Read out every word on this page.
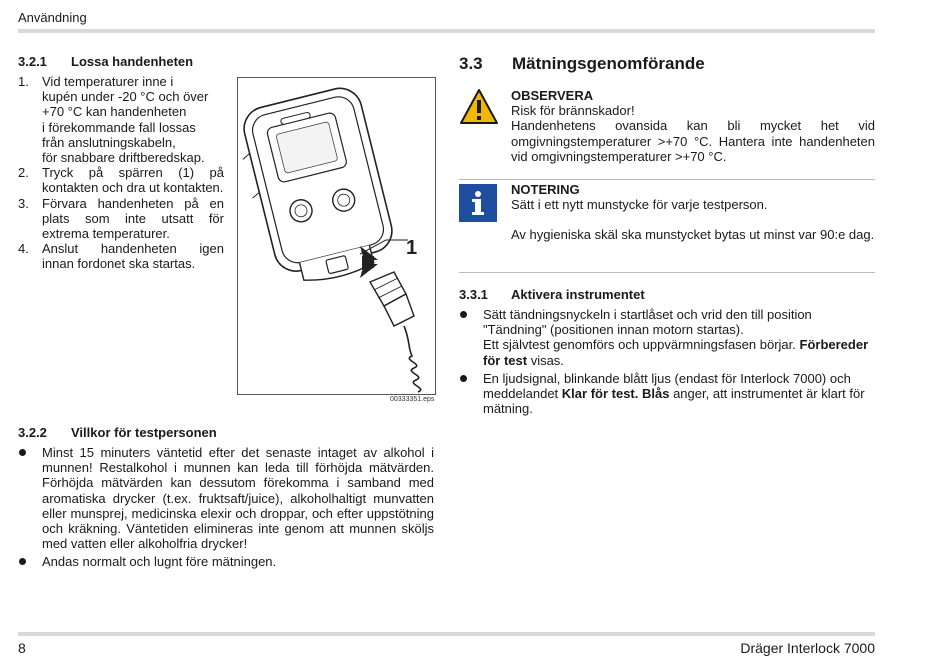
Användning
3.2.1 Lossa handenheten
1. Vid temperaturer inne i

kupén under -20 °C och över

+70 °C kan handenheten

i förekommande fall lossas

från anslutningskabeln,

för snabbare driftberedskap.

2. Tryck på spärren (1) på

kontakten och dra ut kontakten.

3. Förvara handenheten på en

plats som inte utsatt för

extrema temperaturer.

4. Anslut handenheten igen

innan fordonet ska startas.

1
00333351.eps
3.2.2 Villkor för testpersonen

Minst 15 minuters väntetid efter det senaste intaget av alkohol i munnen! Restalkohol i munnen kan leda till förhöjda mätvärden. Förhöjda mätvärden kan dessutom förekomma i samband med aromatiska drycker (t.ex. fruktsaft/juice), alkoholhaltigt munvatten eller munsprej, medicinska elexir och droppar, och efter uppstötning och kräkning. Väntetiden elimineras inte genom att munnen sköljs med vatten eller alkoholfria drycker!

Andas normalt och lugnt före mätningen.

3.3 Mätningsgenomförande

OBSERVERA

Risk för brännskador!

Handenhetens ovansida kan bli mycket het vid omgivningstemperaturer >+70 °C. Hantera inte handenheten vid omgivningstemperaturer >+70 °C.

NOTERING

Sätt i ett nytt munstycke för varje testperson.

Av hygieniska skäl ska munstycket bytas ut minst var 90:e dag.

3.3.1 Aktivera instrumentet

Sätt tändningsnyckeln i startlåset och vrid den till position "Tändning" (positionen innan motorn startas).

Ett självtest genomförs och uppvärmningsfasen börjar. Förbereder för test visas.

En ljudsignal, blinkande blått ljus (endast för Interlock 7000) och meddelandet Klar för test. Blås anger, att instrumentet är klart för mätning.

8	Dräger Interlock 7000
